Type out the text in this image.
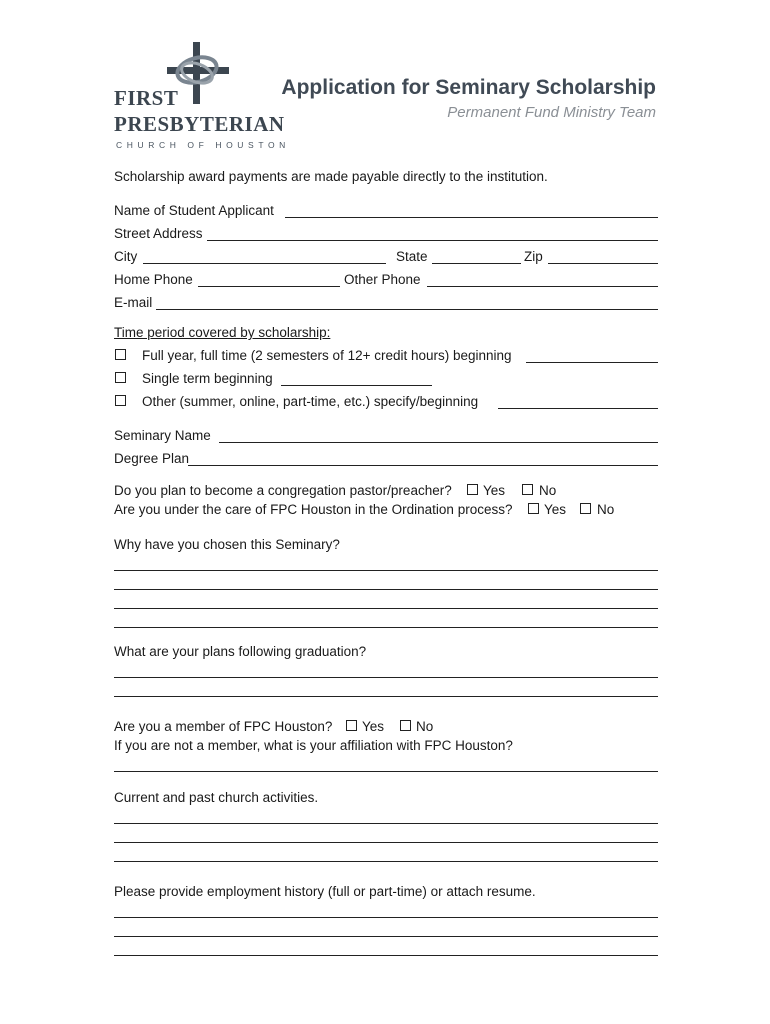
FIRST
PRESBYTERIAN
CHURCH OF HOUSTON
Application for Seminary Scholarship
Permanent Fund Ministry Team
Scholarship award payments are made payable directly to the institution.
Name of Student Applicant
Street Address
City	State	Zip
Home Phone	Other Phone
E-mail
Time period covered by scholarship:
Full year, full time (2 semesters of 12+ credit hours) beginning
Single term beginning
Other (summer, online, part-time, etc.) specify/beginning
Seminary Name
Degree Plan
Do you plan to become a congregation pastor/preacher? Yes	No
Are you under the care of FPC Houston in the Ordination process? Yes No
Why have you chosen this Seminary?
What are your plans following graduation?
Are you a member of FPC Houston? Yes No
If you are not a member, what is your affiliation with FPC Houston?
Current and past church activities.
Please provide employment history (full or part-time) or attach resume.
